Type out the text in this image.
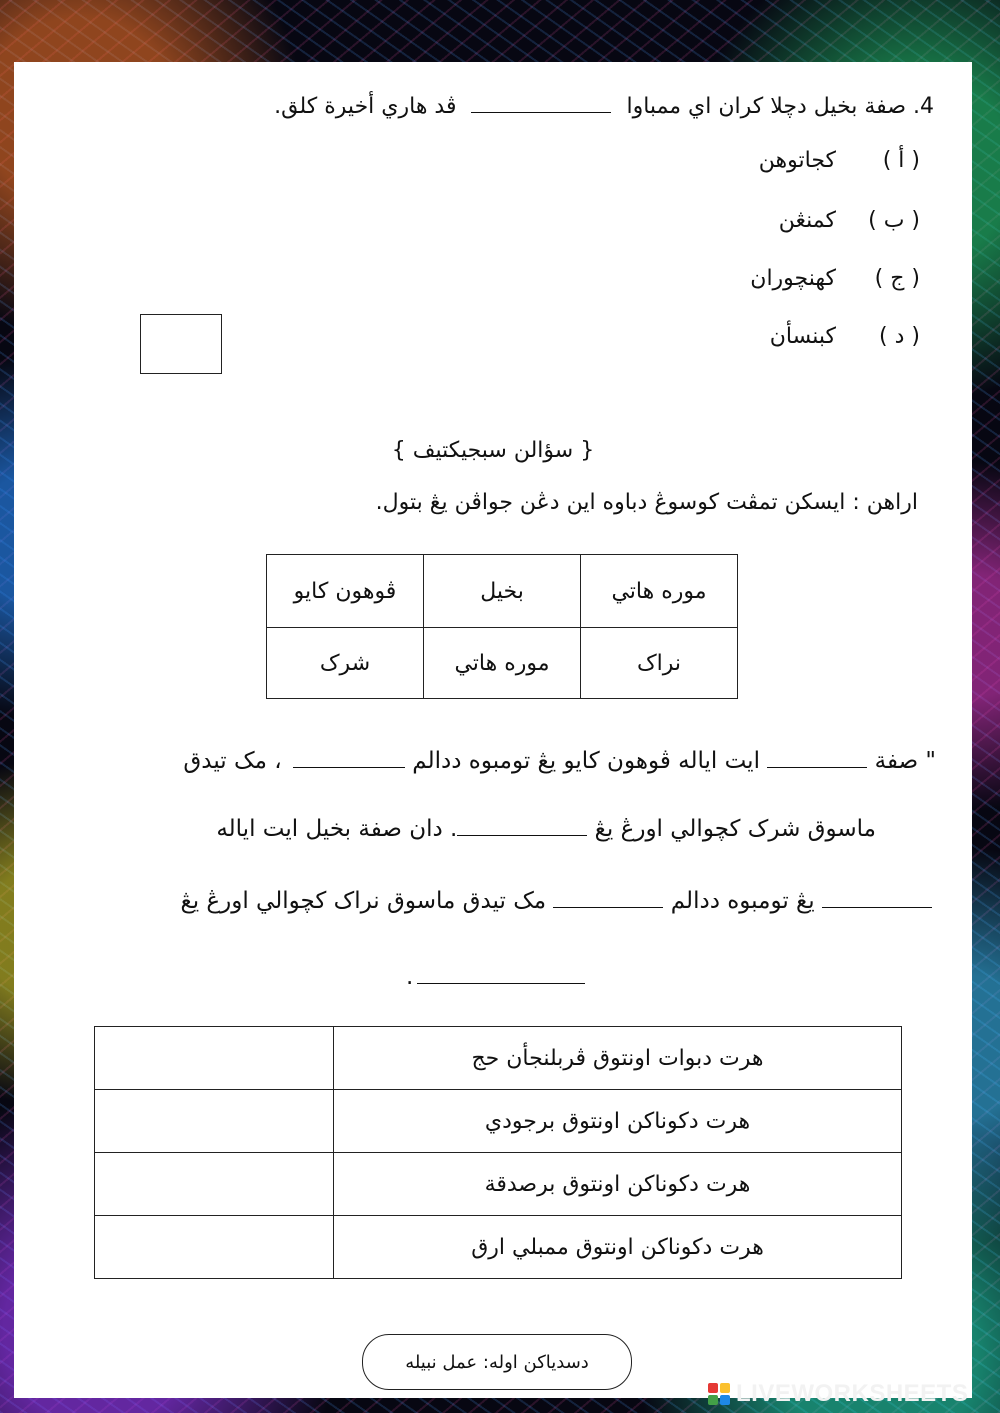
4. صفة بخيل دچلا كران اي ممباوا  ڤد هاري أخيرة كلق.
( أ )
كجاتوهن
( ب )
كمنڠن
( ج )
كهنچوران
( د )
كبنسأن
{ سؤالن سبجيكتيف }
اراهن : ايسکن تمڤت کوسوڠ دباوه اين دڠن جواڤن يڠ بتول.
موره هاتي	بخيل	ڤوهون كايو
نراک	موره هاتي	شرک
" صفة  ايت اياله ڤوهون كايو يڠ تومبوه ددالم  ، مک تيدق
ماسوق شرک کچوالي اورڠ يڠ . دان صفة بخيل ايت اياله
يڠ تومبوه ددالم  مک تيدق ماسوق نراک کچوالي اورڠ يڠ
.
هرت دبوات اونتوق ڤربلنجأن حج	
هرت دکوناکن اونتوق برجودي	
هرت دکوناکن اونتوق برصدقة	
هرت دکوناکن اونتوق ممبلي ارق	
دسدياکن اوله: عمل نبيله
LIVEWORKSHEETS
